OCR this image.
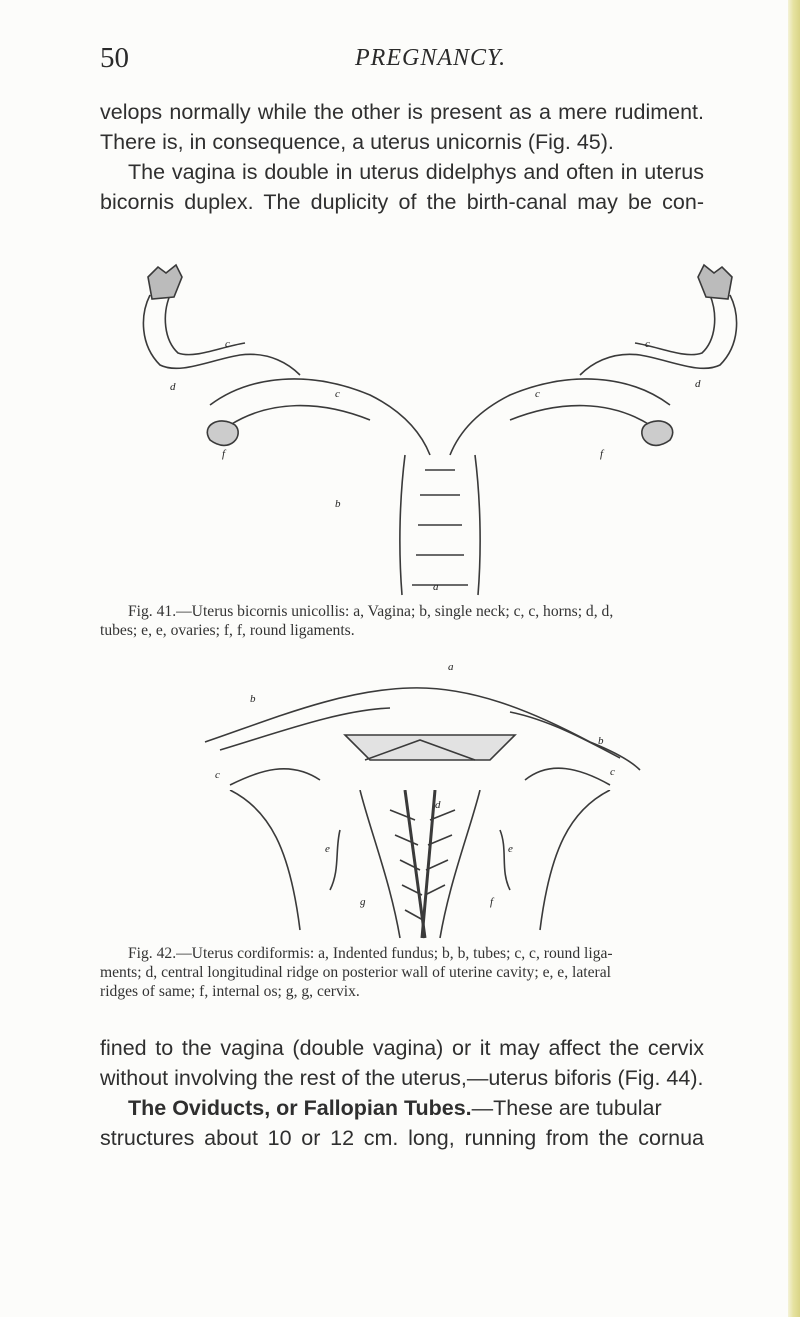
50	PREGNANCY.

velops normally while the other is present as a mere rudiment.

There is, in consequence, a uterus unicornis (Fig. 45).

The vagina is double in uterus didelphys and often in uterus

bicornis duplex. The duplicity of the birth-canal may be con-

c	c
c	c
d	d
f	f
b
a

Fig. 41.—Uterus bicornis unicollis: a, Vagina; b, single neck; c, c, horns; d, d,

tubes; e, e, ovaries; f, f, round ligaments.

a
b
b
c	c
d
e	e
g	f

Fig. 42.—Uterus cordiformis: a, Indented fundus; b, b, tubes; c, c, round liga-

ments; d, central longitudinal ridge on posterior wall of uterine cavity; e, e, lateral

ridges of same; f, internal os; g, g, cervix.

fined to the vagina (double vagina) or it may affect the cervix

without involving the rest of the uterus,—uterus biforis (Fig. 44).

The Oviducts, or Fallopian Tubes.—These are tubular

structures about 10 or 12 cm. long, running from the cornua
